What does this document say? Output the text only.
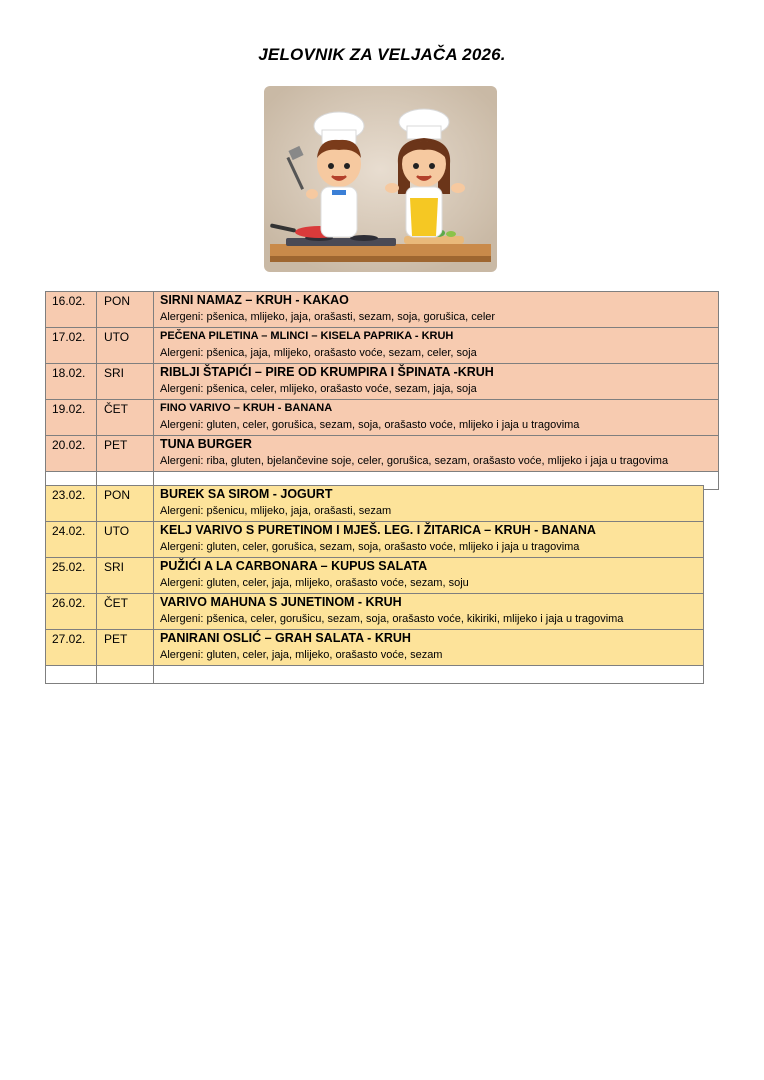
JELOVNIK ZA VELJAČA 2026.
16.02.	PON	SIRNI NAMAZ – KRUH - KAKAO
Alergeni: pšenica, mlijeko, jaja, orašasti, sezam, soja, gorušica, celer

17.02.	UTO	PEČENA PILETINA – MLINCI – KISELA PAPRIKA - KRUH
Alergeni: pšenica, jaja, mlijeko, orašasto voće, sezam, celer, soja

18.02.	SRI	RIBLJI ŠTAPIĆI – PIRE OD KRUMPIRA I ŠPINATA -KRUH
Alergeni: pšenica, celer, mlijeko, orašasto voće, sezam, jaja, soja

19.02.	ČET	FINO VARIVO – KRUH - BANANA
Alergeni: gluten, celer, gorušica, sezam, soja, orašasto voće, mlijeko i jaja u tragovima

20.02.	PET	TUNA BURGER
Alergeni: riba, gluten, bjelančevine soje, celer, gorušica, sezam, orašasto voće, mlijeko i jaja u tragovima

23.02.	PON	BUREK SA SIROM - JOGURT
Alergeni: pšenicu, mlijeko, jaja, orašasti, sezam

24.02.	UTO	KELJ VARIVO S PURETINOM I MJEŠ. LEG. I ŽITARICA – KRUH - BANANA
Alergeni: gluten, celer, gorušica, sezam, soja, orašasto voće, mlijeko i jaja u tragovima

25.02.	SRI	PUŽIĆI A LA CARBONARA – KUPUS SALATA
Alergeni: gluten, celer, jaja, mlijeko, orašasto voće, sezam, soju

26.02.	ČET	VARIVO MAHUNA S JUNETINOM - KRUH
Alergeni: pšenica, celer, gorušicu, sezam, soja, orašasto voće, kikiriki, mlijeko i jaja u tragovima

27.02.	PET	PANIRANI OSLIĆ – GRAH SALATA - KRUH
Alergeni: gluten, celer, jaja, mlijeko, orašasto voće, sezam
